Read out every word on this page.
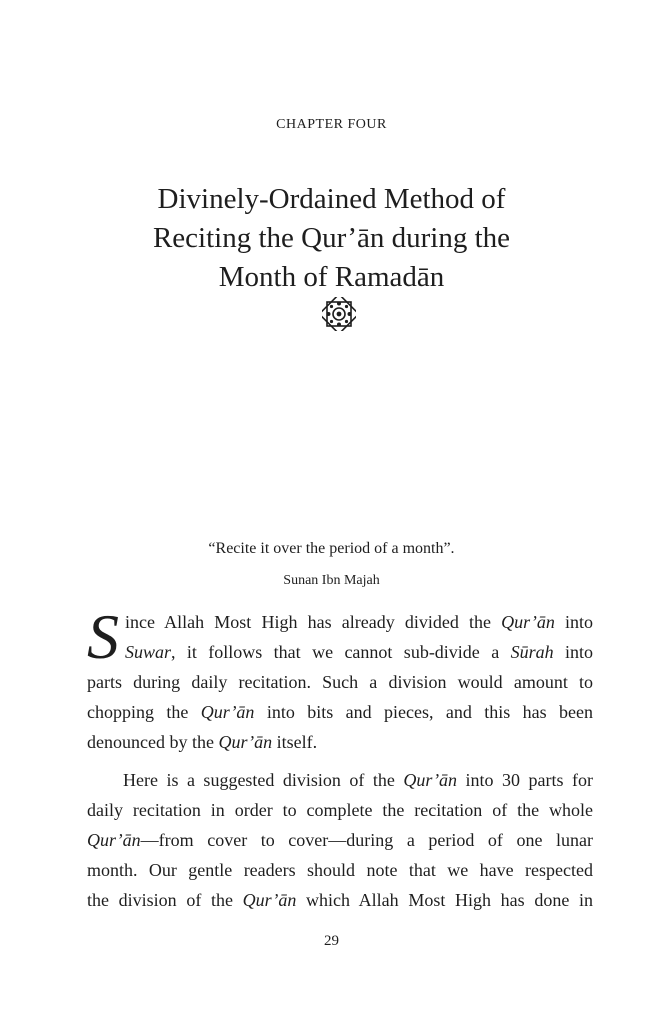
CHAPTER FOUR
Divinely-Ordained Method of
Reciting the Qur’ān during the
Month of Ramadān
“Recite it over the period of a month”.
Sunan Ibn Majah
S ince Allah Most High has already divided the Qur’ān into
Suwar, it follows that we cannot sub-divide a Sūrah into
parts during daily recitation. Such a division would amount to
chopping the Qur’ān into bits and pieces, and this has been
denounced by the Qur’ān itself.
Here is a suggested division of the Qur’ān into 30 parts for
daily recitation in order to complete the recitation of the whole
Qur’ān—from cover to cover—during a period of one lunar
month. Our gentle readers should note that we have respected
the division of the Qur’ān which Allah Most High has done in
29
